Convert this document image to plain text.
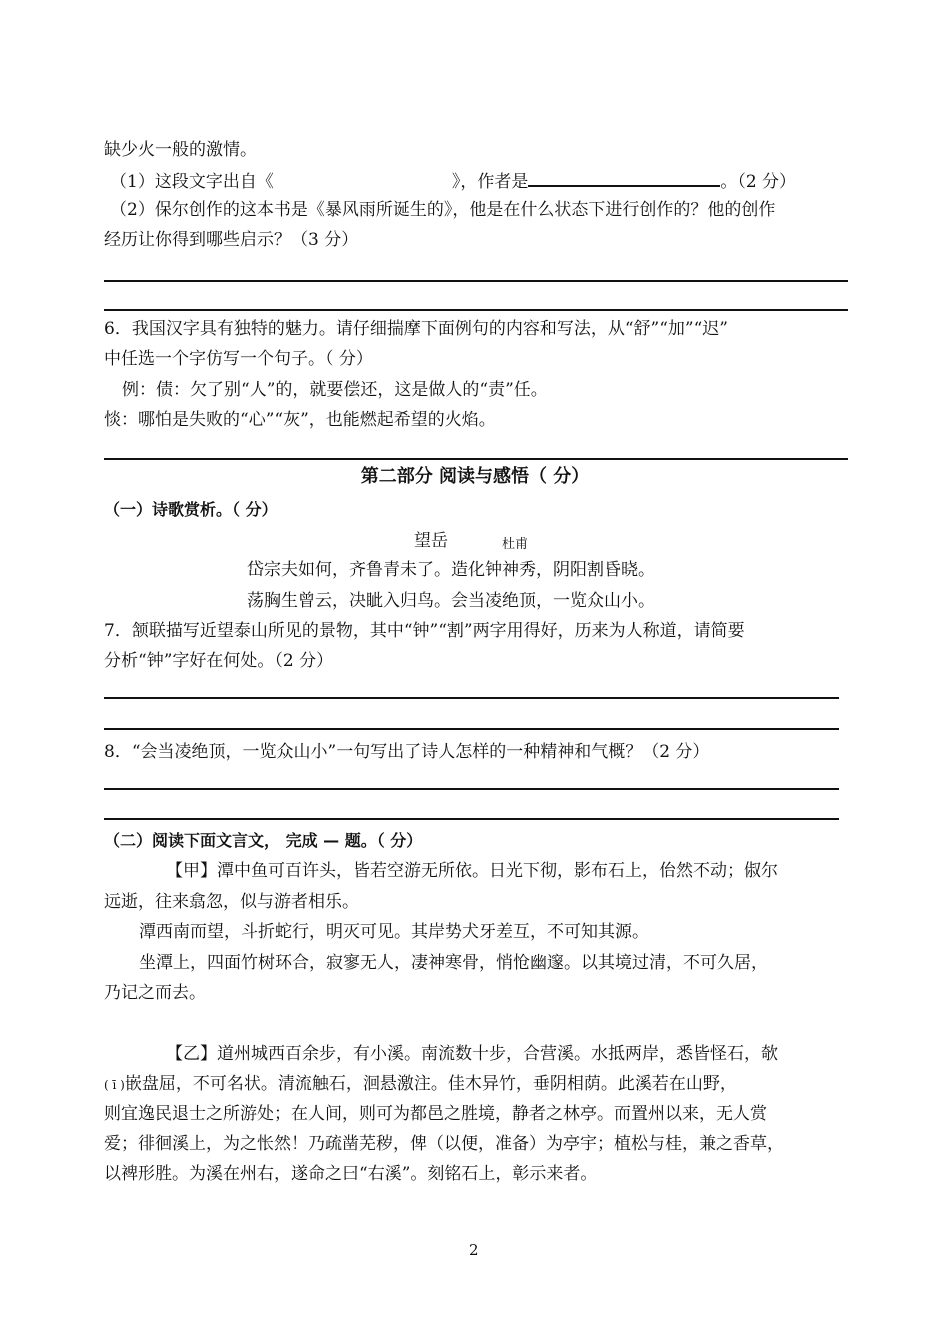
缺少火一般的激情。
（1）这段文字出自《	》，作者是	。（2 分）
（2）保尔创作的这本书是《暴风雨所诞生的》，他是在什么状态下进行创作的？他的创作
经历让你得到哪些启示？（3 分）
6．我国汉字具有独特的魅力。请仔细揣摩下面例句的内容和写法，从“舒”“加”“迟”
中任选一个字仿写一个句子。（ 分）
例：债：欠了别“人”的，就要偿还，这是做人的“责”任。
惔：哪怕是失败的“心”“灰”，也能燃起希望的火焰。
第二部分 阅读与感悟（ 分）
（一）诗歌赏析。（ 分）
望岳	杜甫
岱宗夫如何，齐鲁青未了。造化钟神秀，阴阳割昏晓。
荡胸生曾云，决眦入归鸟。会当凌绝顶，一览众山小。
7．颔联描写近望泰山所见的景物，其中“钟”“割”两字用得好，历来为人称道，请简要
分析“钟”字好在何处。（2 分）
8．“会当凌绝顶，一览众山小”一句写出了诗人怎样的一种精神和气概？（2 分）
（二）阅读下面文言文， 完成 — 题。（ 分）
【甲】潭中鱼可百许头，皆若空游无所依。日光下彻，影布石上，佁然不动；俶尔
远逝，往来翕忽，似与游者相乐。
潭西南而望，斗折蛇行，明灭可见。其岸势犬牙差互，不可知其源。
坐潭上，四面竹树环合，寂寥无人，凄神寒骨，悄怆幽邃。以其境过清，不可久居，
乃记之而去。
【乙】道州城西百余步，有小溪。南流数十步，合营溪。水抵两岸，悉皆怪石，欹
( ī )嵌盘屈，不可名状。清流触石，洄悬激注。佳木异竹，垂阴相荫。此溪若在山野，
则宜逸民退士之所游处；在人间，则可为都邑之胜境，静者之林亭。而置州以来，无人赏
爱；徘徊溪上，为之怅然！乃疏凿芜秽，俾（以便，准备）为亭宇；植松与桂，兼之香草，
以裨形胜。为溪在州右，遂命之曰“右溪”。刻铭石上，彰示来者。
2
